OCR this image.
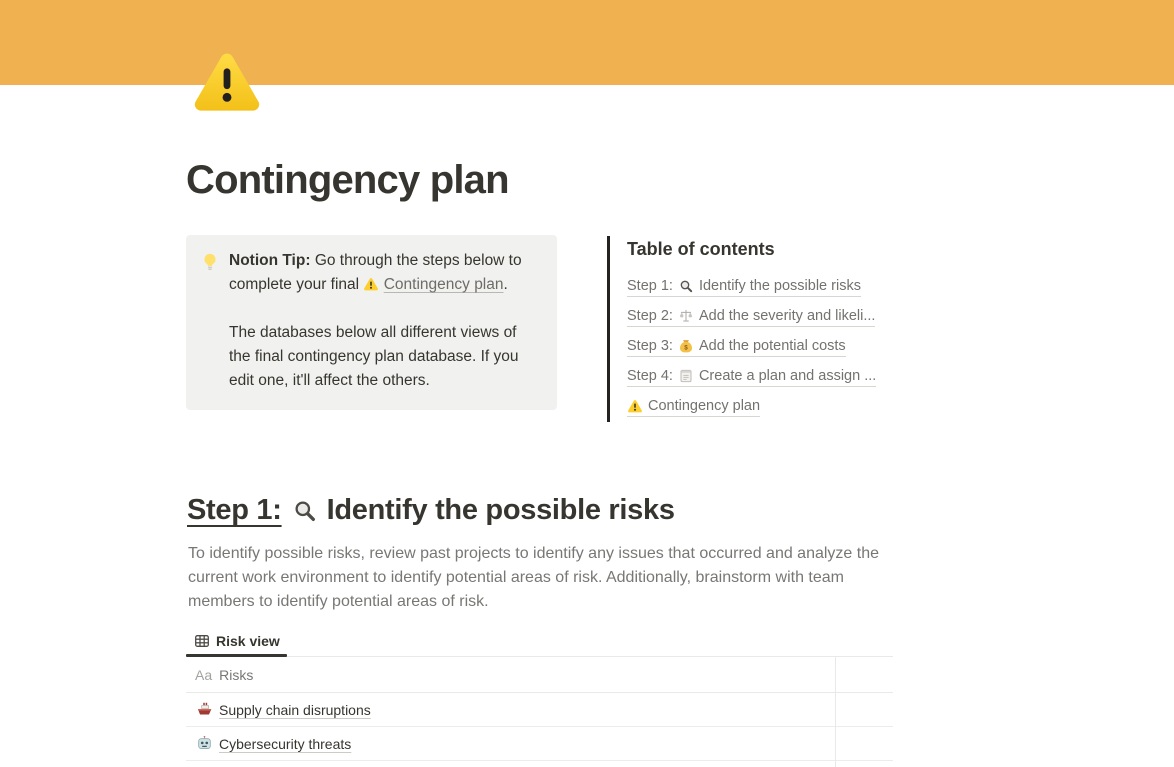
Contingency plan

Notion Tip: Go through the steps below to complete your final Contingency plan.

The databases below all different views of the final contingency plan database. If you edit one, it'll affect the others.

Table of contents
Step 1: Identify the possible risks
Step 2: Add the severity and likeli...
Step 3: $ Add the potential costs
Step 4: Create a plan and assign ...
Contingency plan
Step 1: Identify the possible risks
To identify possible risks, review past projects to identify any issues that occurred and analyze the current work environment to identify potential areas of risk. Additionally, brainstorm with team members to identify potential areas of risk.
Risk view
Aa Risks
Supply chain disruptions
Cybersecurity threats
